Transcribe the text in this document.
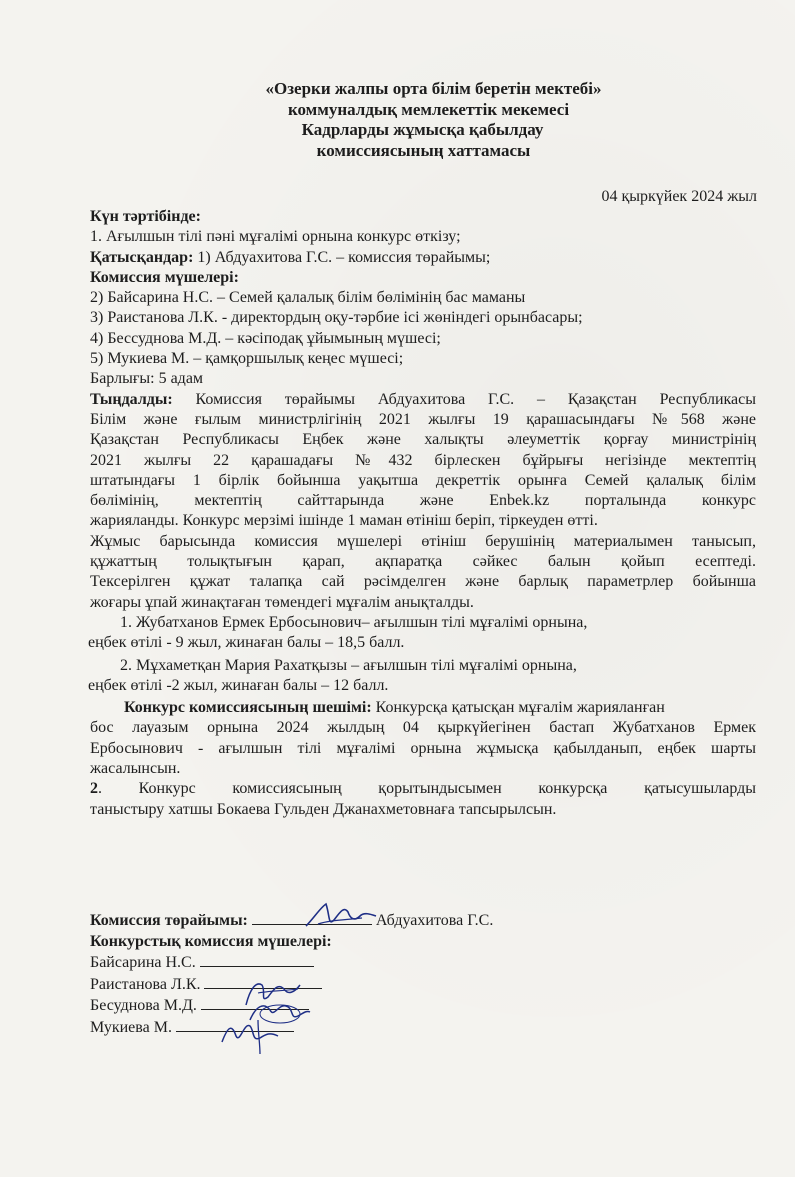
«Озерки жалпы орта білім беретін мектебі»
коммуналдық мемлекеттік мекемесі
Кадрларды жұмысқа қабылдау
комиссиясының хаттамасы
04 қыркүйек 2024 жыл
Күн тәртібінде:
1. Ағылшын тілі пәні мұғалімі орнына конкурс өткізу;
Қатысқандар: 1) Абдуахитова Г.С. – комиссия төрайымы;
Комиссия мүшелері:
2) Байсарина Н.С. – Семей қалалық білім бөлімінің бас маманы
3) Раистанова Л.К. - директордың оқу-тәрбие ісі жөніндегі орынбасары;
4) Бессуднова М.Д. – кәсіподақ ұйымының мүшесі;
5) Мукиева М. – қамқоршылық кеңес мүшесі;
Барлығы: 5 адам
Тыңдалды: Комиссия төрайымы Абдуахитова Г.С. – Қазақстан Республикасы
Білім және ғылым министрлігінің 2021 жылғы 19 қарашасындағы №568 және
Қазақстан Республикасы Еңбек және халықты әлеуметтік қорғау министрінің
2021 жылғы 22 қарашадағы №432 бірлескен бұйрығы негізінде мектептің
штатындағы 1 бірлік бойынша уақытша декреттік орынға Семей қалалық білім
бөлімінің, мектептің сайттарында және Enbek.kz порталында конкурс
жарияланды. Конкурс мерзімі ішінде 1 маман өтініш беріп, тіркеуден өтті.
Жұмыс барысында комиссия мүшелері өтініш берушінің материалымен танысып,
құжаттың толықтығын қарап, ақпаратқа сәйкес балын қойып есептеді.
Тексерілген құжат талапқа сай рәсімделген және барлық параметрлер бойынша
жоғары ұпай жинақтаған төмендегі мұғалім анықталды.
1. Жубатханов Ермек Ербосынович– ағылшын тілі мұғалімі орнына,
еңбек өтілі - 9 жыл, жинаған балы – 18,5 балл.
2. Мұхаметқан Мария Рахатқызы – ағылшын тілі мұғалімі орнына,
еңбек өтілі -2 жыл, жинаған балы – 12 балл.
Конкурс комиссиясының шешімі: Конкурсқа қатысқан мұғалім жарияланған
бос лауазым орнына 2024 жылдың 04 қыркүйегінен бастап Жубатханов Ермек
Ербосынович - ағылшын тілі мұғалімі орнына жұмысқа қабылданып, еңбек шарты
жасалынсын.
2. Конкурс комиссиясының қорытындысымен конкурсқа қатысушыларды
таныстыру хатшы Бокаева Гульден Джанахметовнаға тапсырылсын.
Комиссия төрайымы:	Абдуахитова Г.С.
Конкурстық комиссия мүшелері:
Байсарина Н.С.
Раистанова Л.К.
Бесуднова М.Д.
Мукиева М.
